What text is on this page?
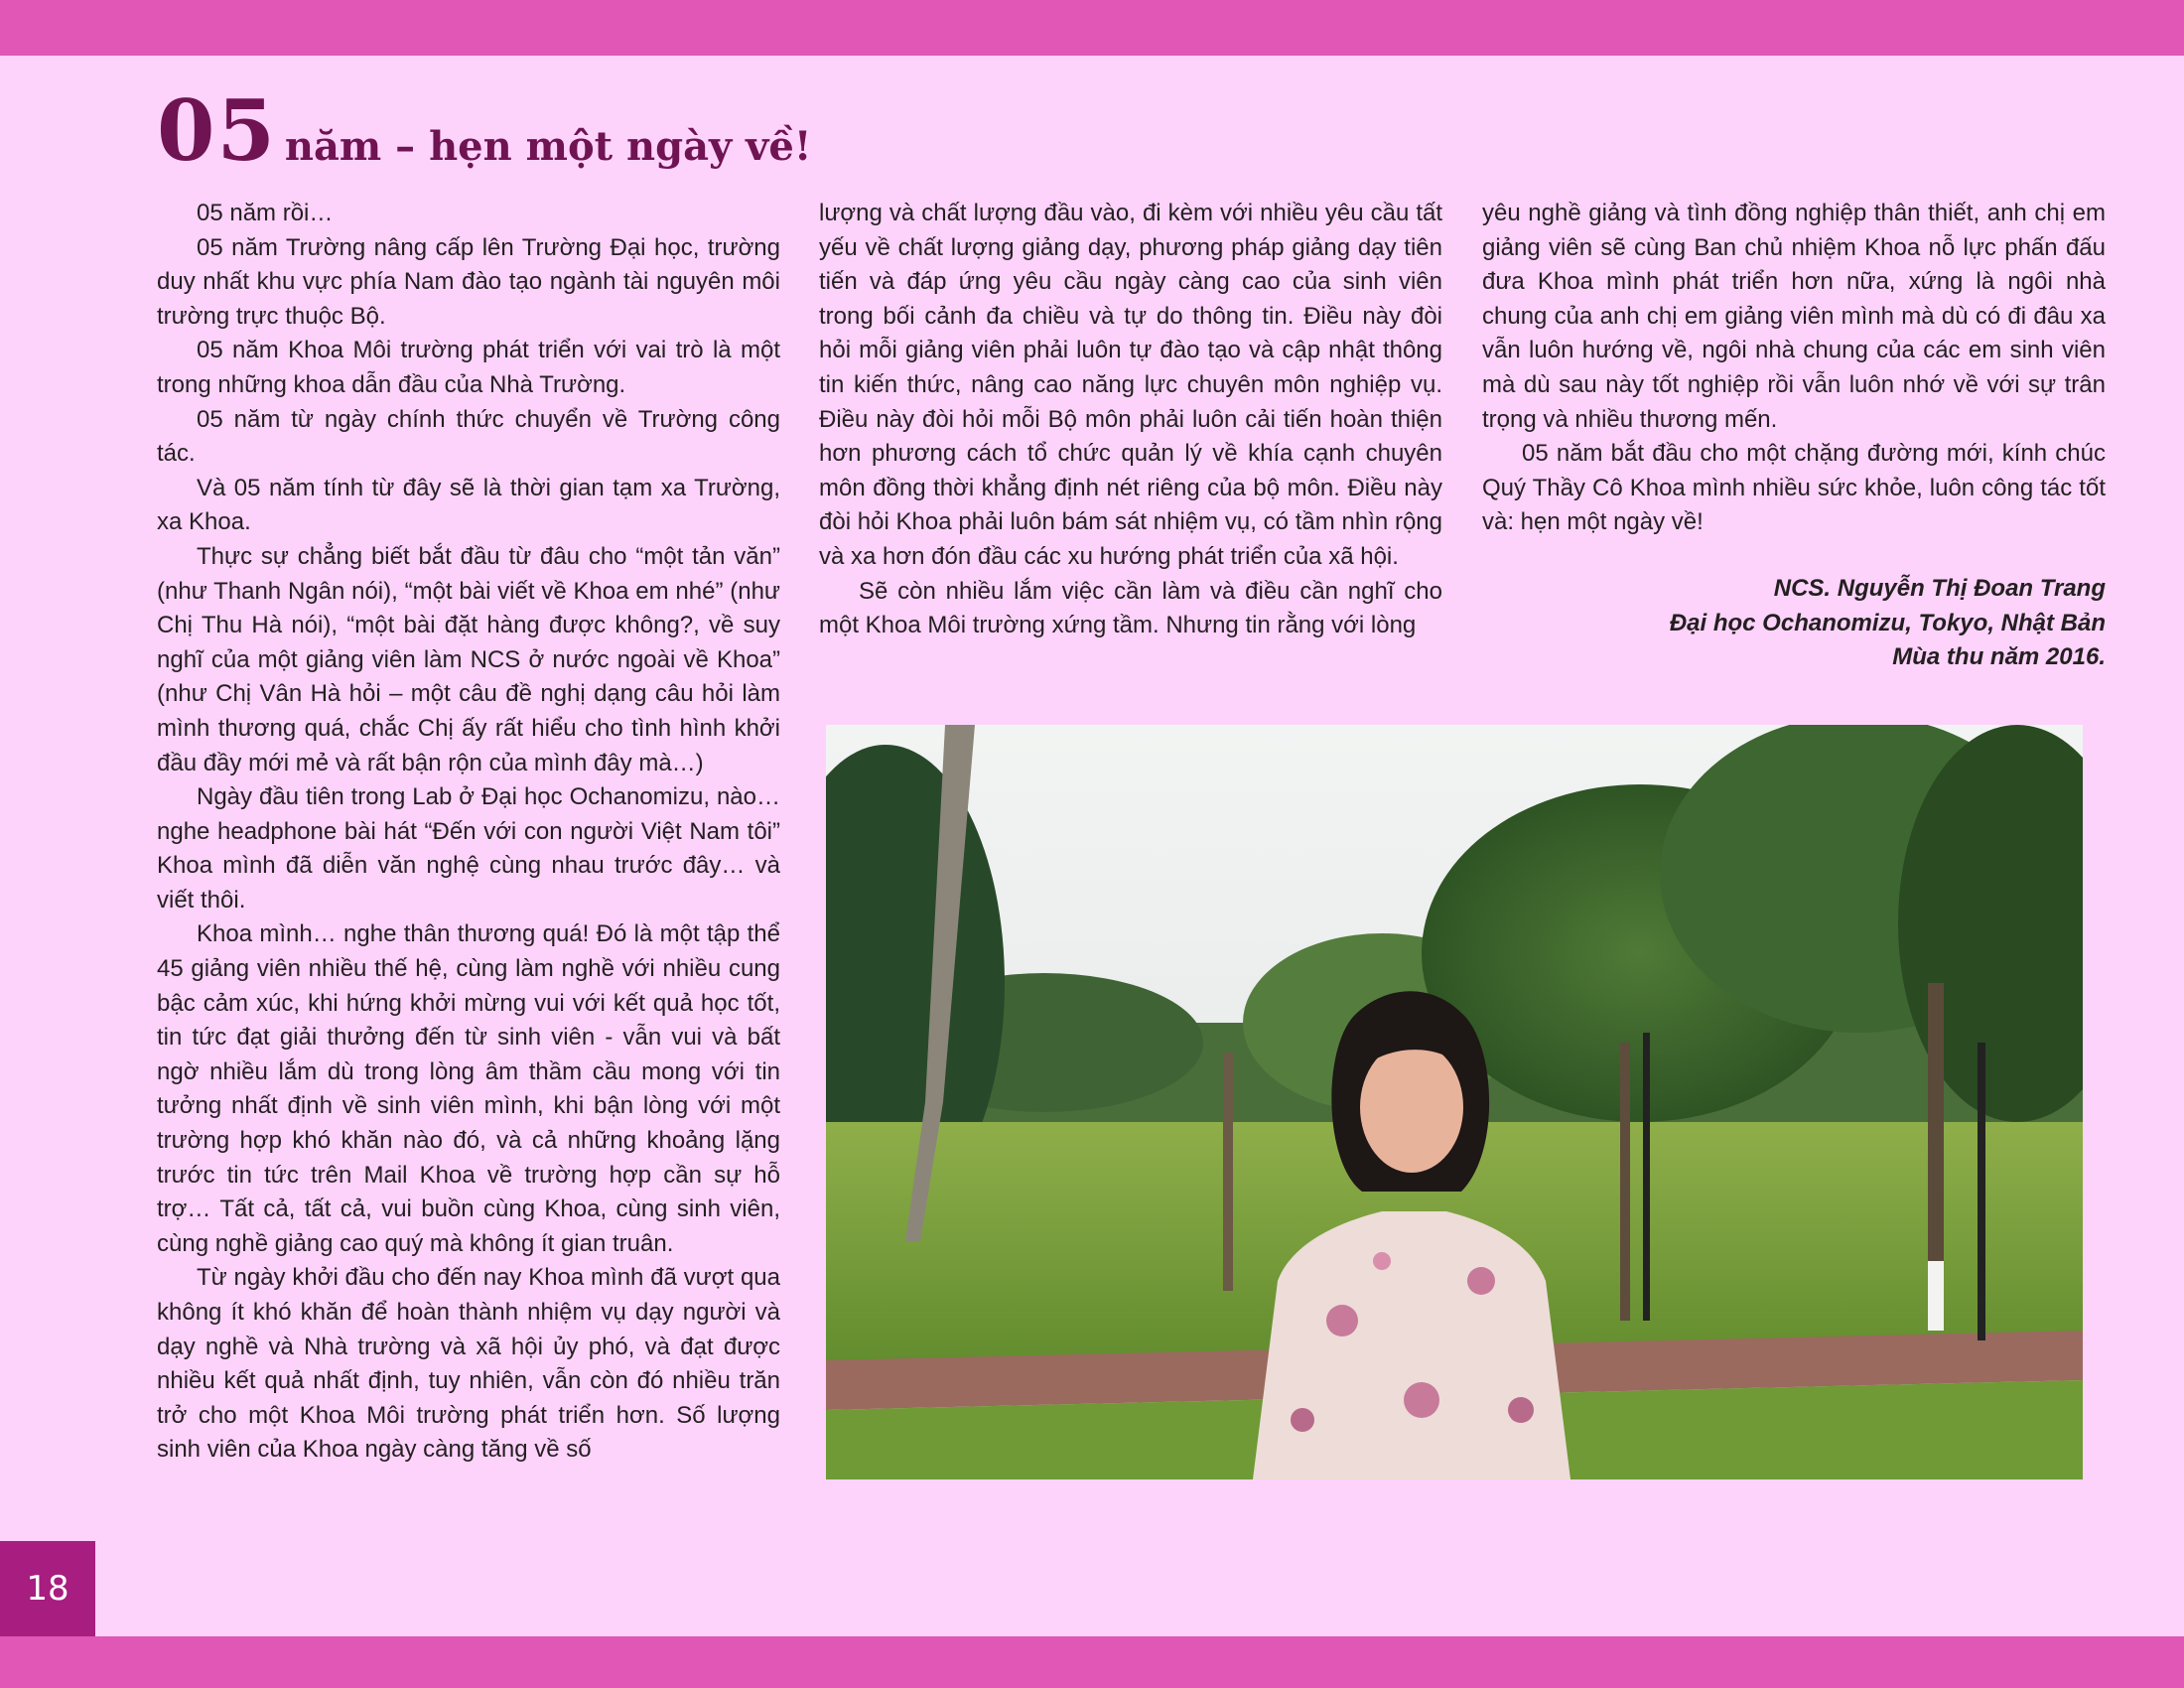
05 năm – hẹn một ngày về!

05 năm rồi…

05 năm Trường nâng cấp lên Trường Đại học, trường duy nhất khu vực phía Nam đào tạo ngành tài nguyên môi trường trực thuộc Bộ.

05 năm Khoa Môi trường phát triển với vai trò là một trong những khoa dẫn đầu của Nhà Trường.

05 năm từ ngày chính thức chuyển về Trường công tác.

Và 05 năm tính từ đây sẽ là thời gian tạm xa Trường, xa Khoa.

Thực sự chẳng biết bắt đầu từ đâu cho “một tản văn” (như Thanh Ngân nói), “một bài viết về Khoa em nhé” (như Chị Thu Hà nói), “một bài đặt hàng được không?, về suy nghĩ của một giảng viên làm NCS ở nước ngoài về Khoa” (như Chị Vân Hà hỏi – một câu đề nghị dạng câu hỏi làm mình thương quá, chắc Chị ấy rất hiểu cho tình hình khởi đầu đầy mới mẻ và rất bận rộn của mình đây mà…)

Ngày đầu tiên trong Lab ở Đại học Ochanomizu, nào… nghe headphone bài hát “Đến với con người Việt Nam tôi” Khoa mình đã diễn văn nghệ cùng nhau trước đây… và viết thôi.

Khoa mình… nghe thân thương quá! Đó là một tập thể 45 giảng viên nhiều thế hệ, cùng làm nghề với nhiều cung bậc cảm xúc, khi hứng khởi mừng vui với kết quả học tốt, tin tức đạt giải thưởng đến từ sinh viên - vẫn vui và bất ngờ nhiều lắm dù trong lòng âm thầm cầu mong với tin tưởng nhất định về sinh viên mình, khi bận lòng với một trường hợp khó khăn nào đó, và cả những khoảng lặng trước tin tức trên Mail Khoa về trường hợp cần sự hỗ trợ… Tất cả, tất cả, vui buồn cùng Khoa, cùng sinh viên, cùng nghề giảng cao quý mà không ít gian truân.

Từ ngày khởi đầu cho đến nay Khoa mình đã vượt qua không ít khó khăn để hoàn thành nhiệm vụ dạy người và dạy nghề và Nhà trường và xã hội ủy phó, và đạt được nhiều kết quả nhất định, tuy nhiên, vẫn còn đó nhiều trăn trở cho một Khoa Môi trường phát triển hơn. Số lượng sinh viên của Khoa ngày càng tăng về số

lượng và chất lượng đầu vào, đi kèm với nhiều yêu cầu tất yếu về chất lượng giảng dạy, phương pháp giảng dạy tiên tiến và đáp ứng yêu cầu ngày càng cao của sinh viên trong bối cảnh đa chiều và tự do thông tin. Điều này đòi hỏi mỗi giảng viên phải luôn tự đào tạo và cập nhật thông tin kiến thức, nâng cao năng lực chuyên môn nghiệp vụ. Điều này đòi hỏi mỗi Bộ môn phải luôn cải tiến hoàn thiện hơn phương cách tổ chức quản lý về khía cạnh chuyên môn đồng thời khẳng định nét riêng của bộ môn. Điều này đòi hỏi Khoa phải luôn bám sát nhiệm vụ, có tầm nhìn rộng và xa hơn đón đầu các xu hướng phát triển của xã hội.

Sẽ còn nhiều lắm việc cần làm và điều cần nghĩ cho một Khoa Môi trường xứng tầm. Nhưng tin rằng với lòng

yêu nghề giảng và tình đồng nghiệp thân thiết, anh chị em giảng viên sẽ cùng Ban chủ nhiệm Khoa nỗ lực phấn đấu đưa Khoa mình phát triển hơn nữa, xứng là ngôi nhà chung của anh chị em giảng viên mình mà dù có đi đâu xa vẫn luôn hướng về, ngôi nhà chung của các em sinh viên mà dù sau này tốt nghiệp rồi vẫn luôn nhớ về với sự trân trọng và nhiều thương mến.

05 năm bắt đầu cho một chặng đường mới, kính chúc Quý Thầy Cô Khoa mình nhiều sức khỏe, luôn công tác tốt và: hẹn một ngày về!

NCS. Nguyễn Thị Đoan Trang
Đại học Ochanomizu, Tokyo, Nhật Bản
Mùa thu năm 2016.
18
